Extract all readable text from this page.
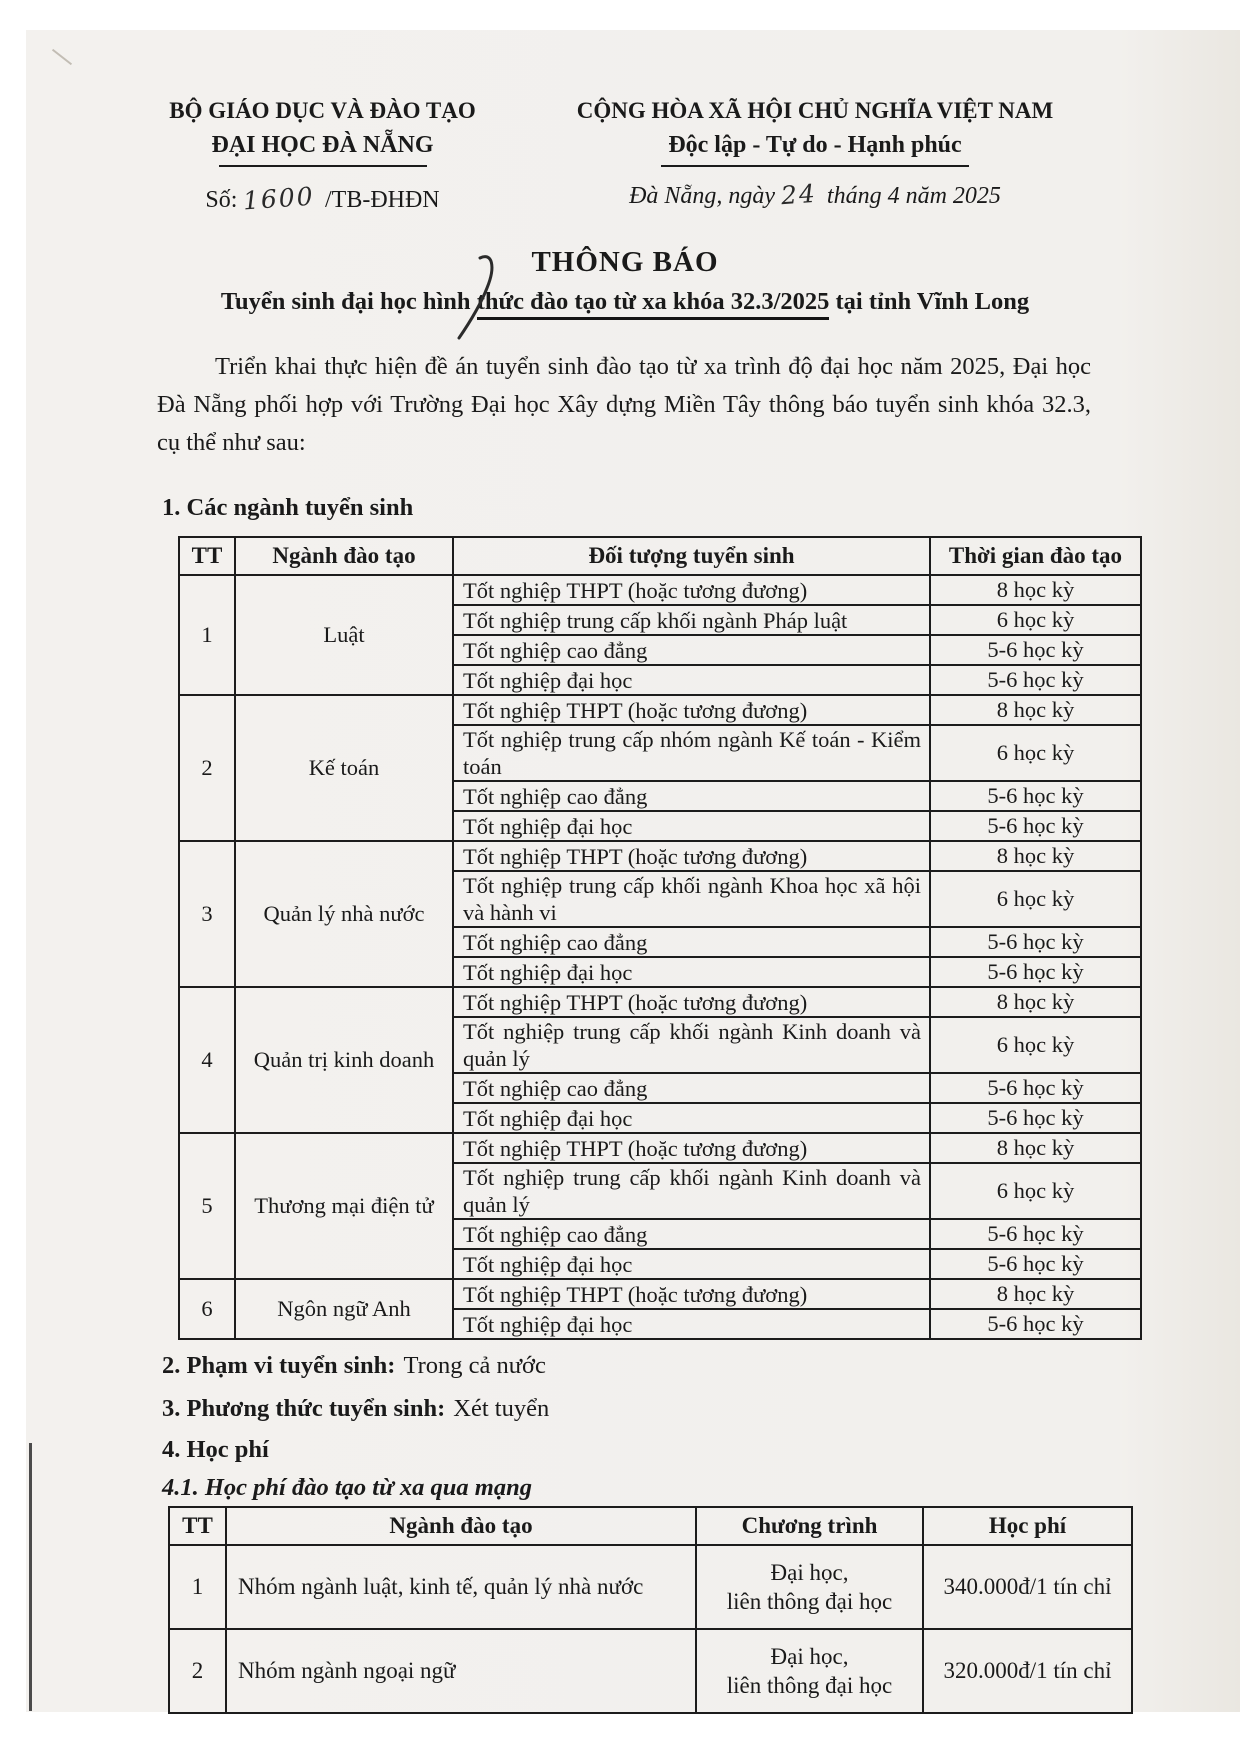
BỘ GIÁO DỤC VÀ ĐÀO TẠO
ĐẠI HỌC ĐÀ NẴNG
Số: 1600 /TB-ĐHĐN
CỘNG HÒA XÃ HỘI CHỦ NGHĨA VIỆT NAM
Độc lập - Tự do - Hạnh phúc
Đà Nẵng, ngày 24 tháng 4 năm 2025
THÔNG BÁO
Tuyển sinh đại học hình thức đào tạo từ xa khóa 32.3/2025 tại tỉnh Vĩnh Long
Triển khai thực hiện đề án tuyển sinh đào tạo từ xa trình độ đại học năm 2025, Đại học Đà Nẵng phối hợp với Trường Đại học Xây dựng Miền Tây thông báo tuyển sinh khóa 32.3, cụ thể như sau:
1. Các ngành tuyển sinh
TT	Ngành đào tạo	Đối tượng tuyển sinh	Thời gian đào tạo
1	Luật	Tốt nghiệp THPT (hoặc tương đương)	8 học kỳ
		Tốt nghiệp trung cấp khối ngành Pháp luật	6 học kỳ
		Tốt nghiệp cao đẳng	5-6 học kỳ
		Tốt nghiệp đại học	5-6 học kỳ
2	Kế toán	Tốt nghiệp THPT (hoặc tương đương)	8 học kỳ
		Tốt nghiệp trung cấp nhóm ngành Kế toán - Kiểm toán	6 học kỳ
		Tốt nghiệp cao đẳng	5-6 học kỳ
		Tốt nghiệp đại học	5-6 học kỳ
3	Quản lý nhà nước	Tốt nghiệp THPT (hoặc tương đương)	8 học kỳ
		Tốt nghiệp trung cấp khối ngành Khoa học xã hội và hành vi	6 học kỳ
		Tốt nghiệp cao đẳng	5-6 học kỳ
		Tốt nghiệp đại học	5-6 học kỳ
4	Quản trị kinh doanh	Tốt nghiệp THPT (hoặc tương đương)	8 học kỳ
		Tốt nghiệp trung cấp khối ngành Kinh doanh và quản lý	6 học kỳ
		Tốt nghiệp cao đẳng	5-6 học kỳ
		Tốt nghiệp đại học	5-6 học kỳ
5	Thương mại điện tử	Tốt nghiệp THPT (hoặc tương đương)	8 học kỳ
		Tốt nghiệp trung cấp khối ngành Kinh doanh và quản lý	6 học kỳ
		Tốt nghiệp cao đẳng	5-6 học kỳ
		Tốt nghiệp đại học	5-6 học kỳ
6	Ngôn ngữ Anh	Tốt nghiệp THPT (hoặc tương đương)	8 học kỳ
		Tốt nghiệp đại học	5-6 học kỳ
2. Phạm vi tuyển sinh: Trong cả nước
3. Phương thức tuyển sinh: Xét tuyển
4. Học phí
4.1. Học phí đào tạo từ xa qua mạng
TT	Ngành đào tạo	Chương trình	Học phí
1	Nhóm ngành luật, kinh tế, quản lý nhà nước	Đại học,
liên thông đại học	340.000đ/1 tín chỉ
2	Nhóm ngành ngoại ngữ	Đại học,
liên thông đại học	320.000đ/1 tín chỉ
